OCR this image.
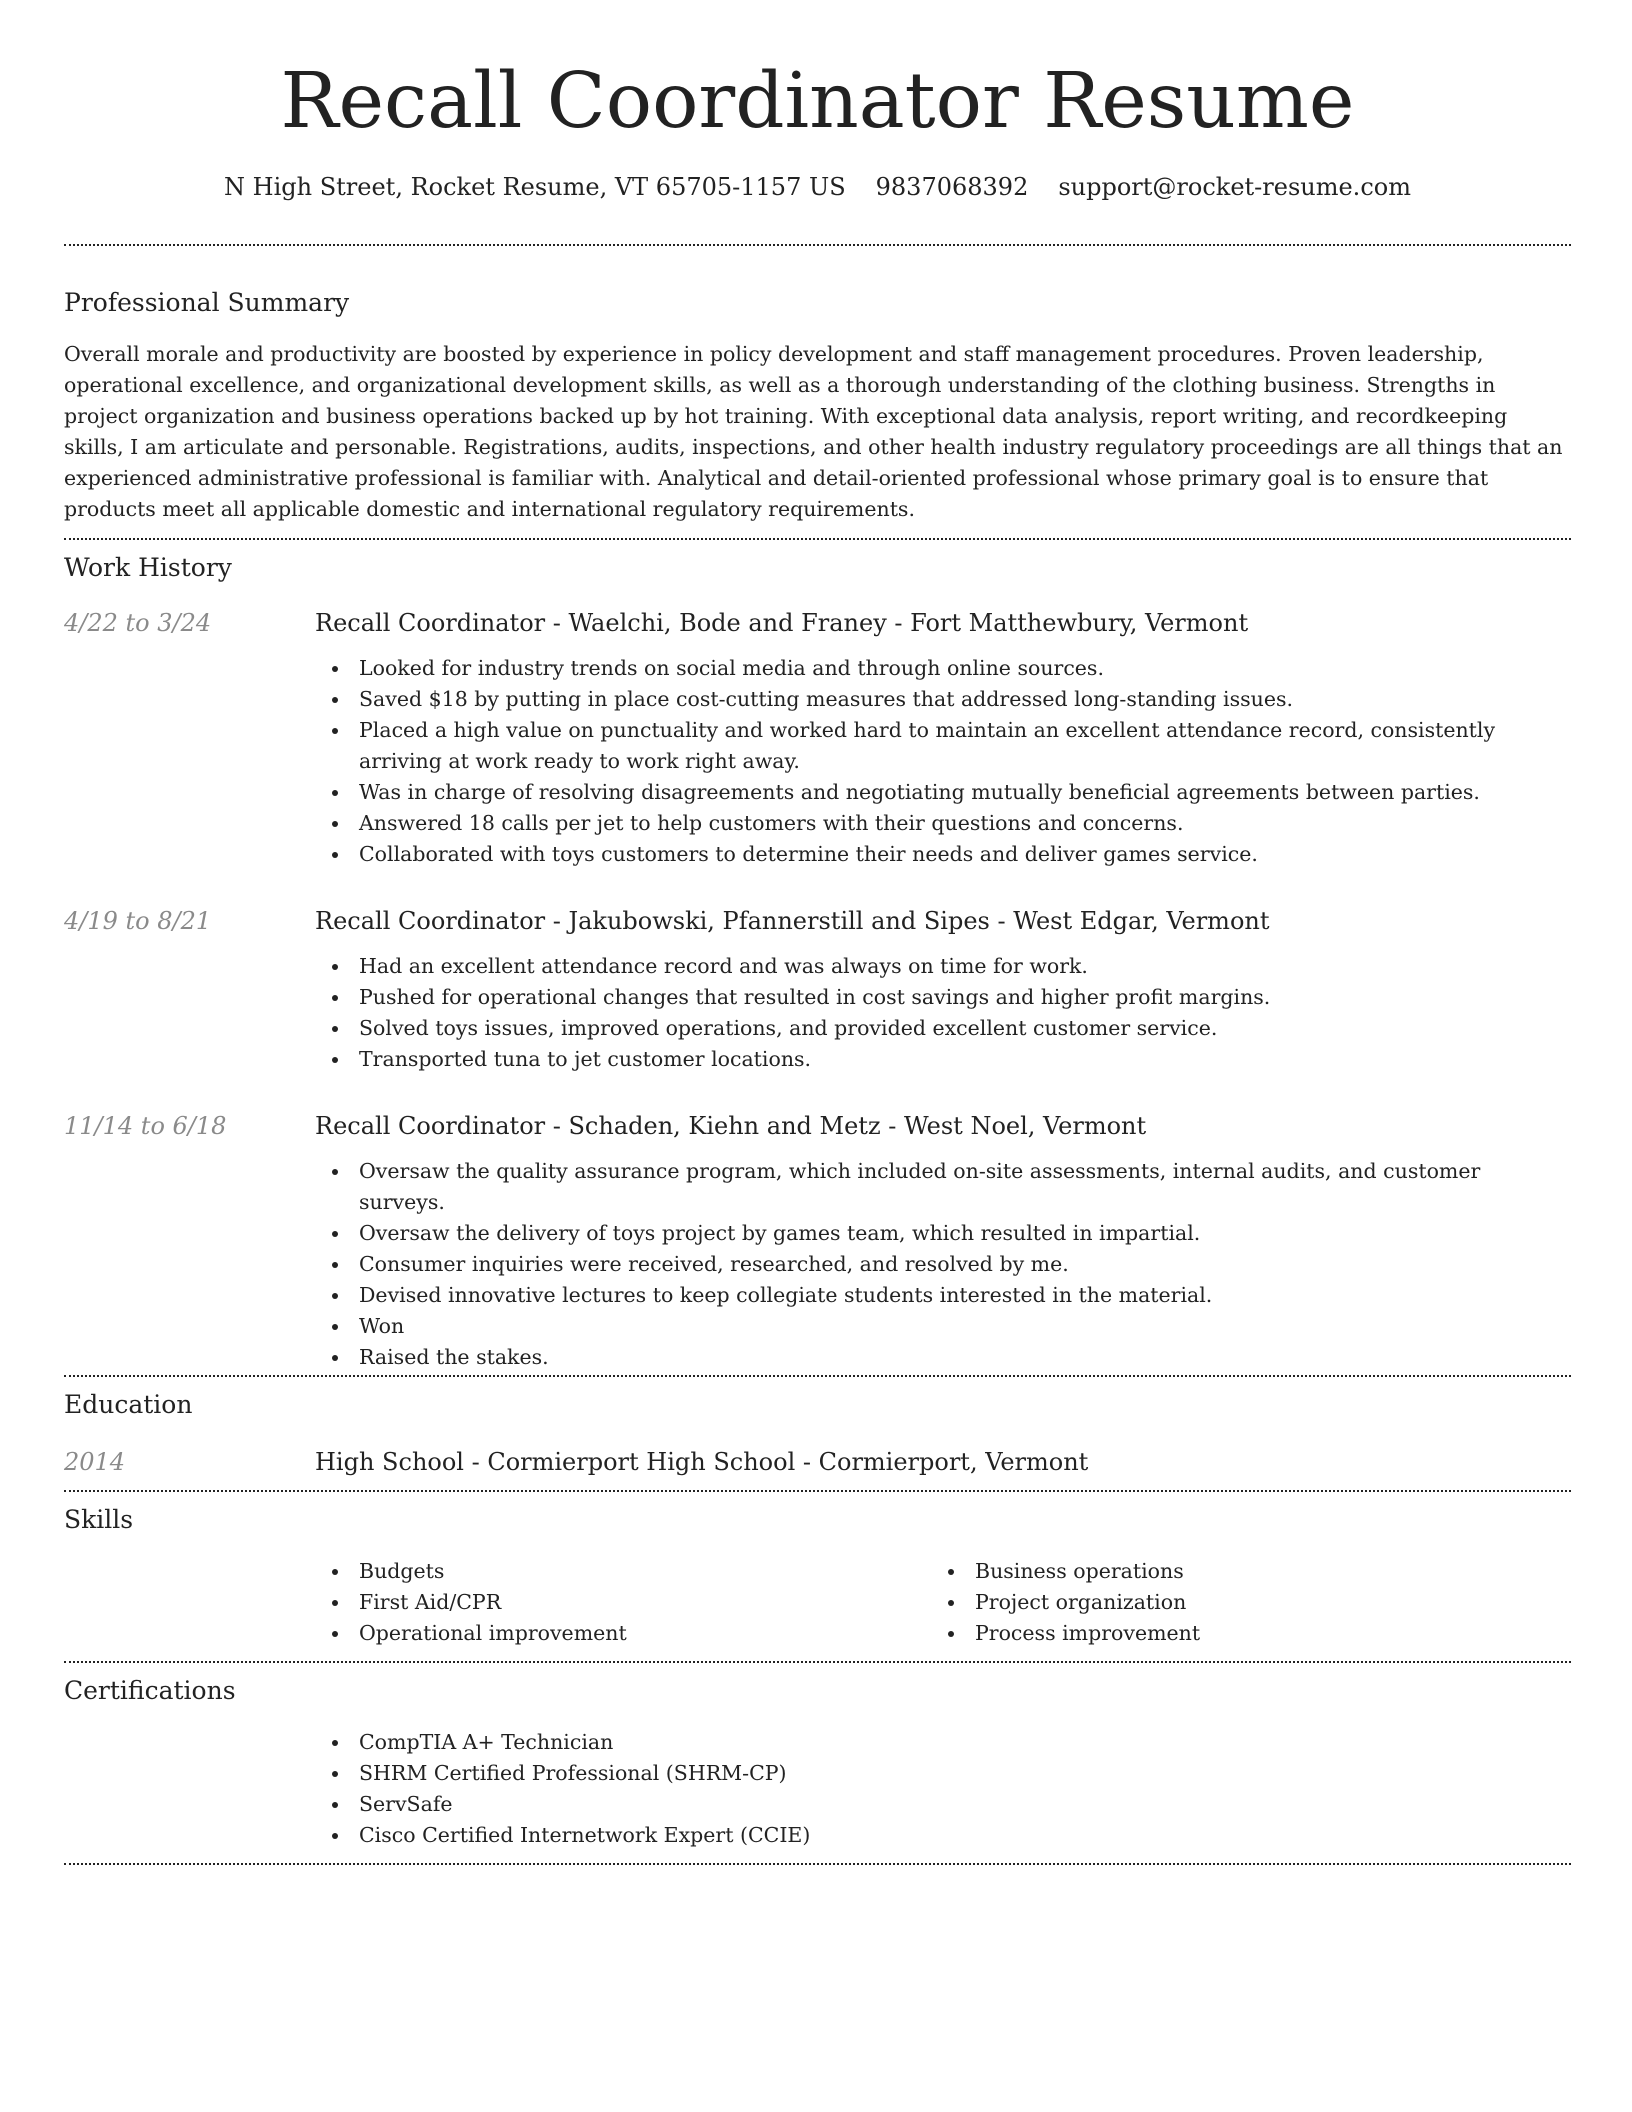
Recall Coordinator Resume
N High Street, Rocket Resume, VT 65705-1157 US 9837068392 support@rocket-resume.com
Professional Summary

Overall morale and productivity are boosted by experience in policy development and staff management procedures. Proven leadership, operational excellence, and organizational development skills, as well as a thorough understanding of the clothing business. Strengths in project organization and business operations backed up by hot training. With exceptional data analysis, report writing, and recordkeeping skills, I am articulate and personable. Registrations, audits, inspections, and other health industry regulatory proceedings are all things that an experienced administrative professional is familiar with. Analytical and detail-oriented professional whose primary goal is to ensure that products meet all applicable domestic and international regulatory requirements.

Work History
4/22 to 3/24	Recall Coordinator - Waelchi, Bode and Franey - Fort Matthewbury, Vermont
Looked for industry trends on social media and through online sources.
Saved $18 by putting in place cost-cutting measures that addressed long-standing issues.
Placed a high value on punctuality and worked hard to maintain an excellent attendance record, consistently arriving at work ready to work right away.
Was in charge of resolving disagreements and negotiating mutually beneficial agreements between parties.
Answered 18 calls per jet to help customers with their questions and concerns.
Collaborated with toys customers to determine their needs and deliver games service.
4/19 to 8/21	Recall Coordinator - Jakubowski, Pfannerstill and Sipes - West Edgar, Vermont
Had an excellent attendance record and was always on time for work.
Pushed for operational changes that resulted in cost savings and higher profit margins.
Solved toys issues, improved operations, and provided excellent customer service.
Transported tuna to jet customer locations.
11/14 to 6/18	Recall Coordinator - Schaden, Kiehn and Metz - West Noel, Vermont
Oversaw the quality assurance program, which included on-site assessments, internal audits, and customer surveys.
Oversaw the delivery of toys project by games team, which resulted in impartial.
Consumer inquiries were received, researched, and resolved by me.
Devised innovative lectures to keep collegiate students interested in the material.
Won
Raised the stakes.
Education
2014	High School - Cormierport High School - Cormierport, Vermont
Skills
Budgets
First Aid/CPR
Operational improvement
Business operations
Project organization
Process improvement
Certifications
CompTIA A+ Technician
SHRM Certified Professional (SHRM-CP)
ServSafe
Cisco Certified Internetwork Expert (CCIE)
